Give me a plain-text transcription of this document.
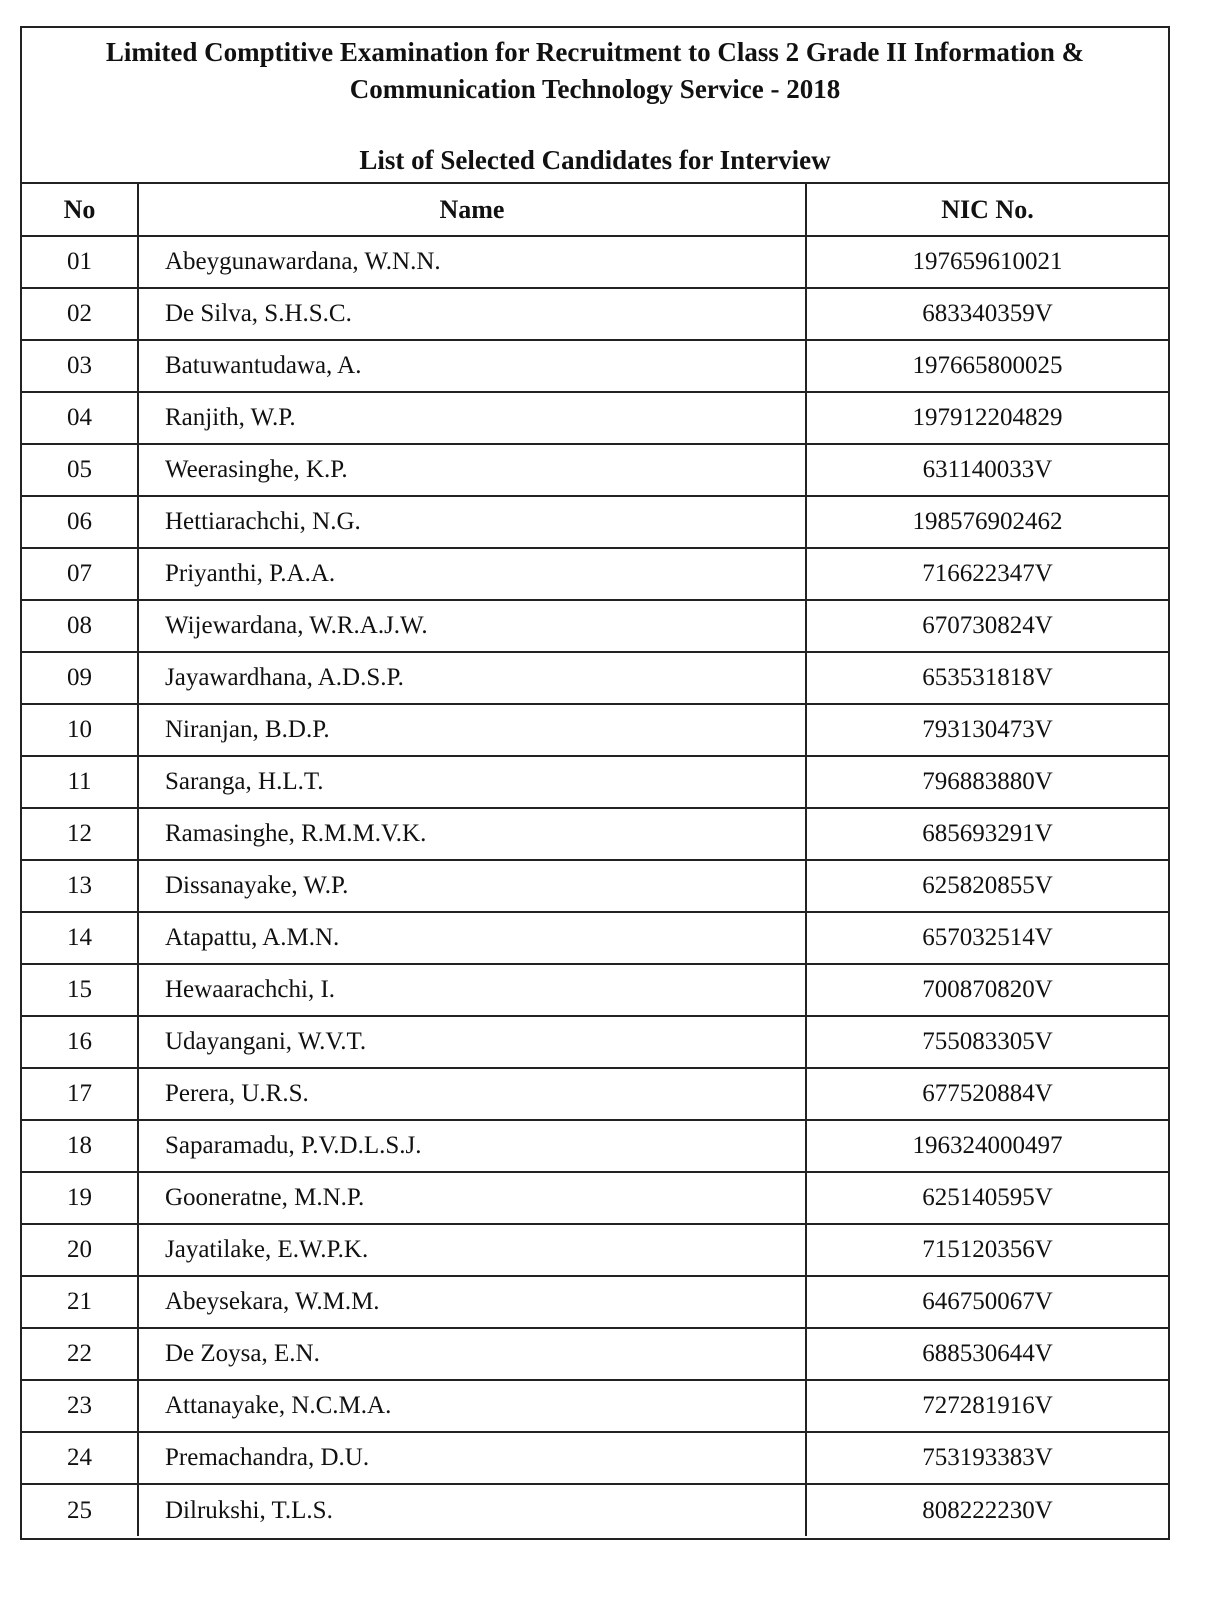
Limited Comptitive Examination for Recruitment to Class 2 Grade II Information & Communication Technology Service - 2018
List of Selected Candidates for Interview
No	Name	NIC No.
01	Abeygunawardana, W.N.N.	197659610021
02	De Silva, S.H.S.C.	683340359V
03	Batuwantudawa, A.	197665800025
04	Ranjith, W.P.	197912204829
05	Weerasinghe, K.P.	631140033V
06	Hettiarachchi, N.G.	198576902462
07	Priyanthi, P.A.A.	716622347V
08	Wijewardana, W.R.A.J.W.	670730824V
09	Jayawardhana, A.D.S.P.	653531818V
10	Niranjan, B.D.P.	793130473V
11	Saranga, H.L.T.	796883880V
12	Ramasinghe, R.M.M.V.K.	685693291V
13	Dissanayake, W.P.	625820855V
14	Atapattu, A.M.N.	657032514V
15	Hewaarachchi, I.	700870820V
16	Udayangani, W.V.T.	755083305V
17	Perera, U.R.S.	677520884V
18	Saparamadu, P.V.D.L.S.J.	196324000497
19	Gooneratne, M.N.P.	625140595V
20	Jayatilake, E.W.P.K.	715120356V
21	Abeysekara, W.M.M.	646750067V
22	De Zoysa, E.N.	688530644V
23	Attanayake, N.C.M.A.	727281916V
24	Premachandra, D.U.	753193383V
25	Dilrukshi, T.L.S.	808222230V
